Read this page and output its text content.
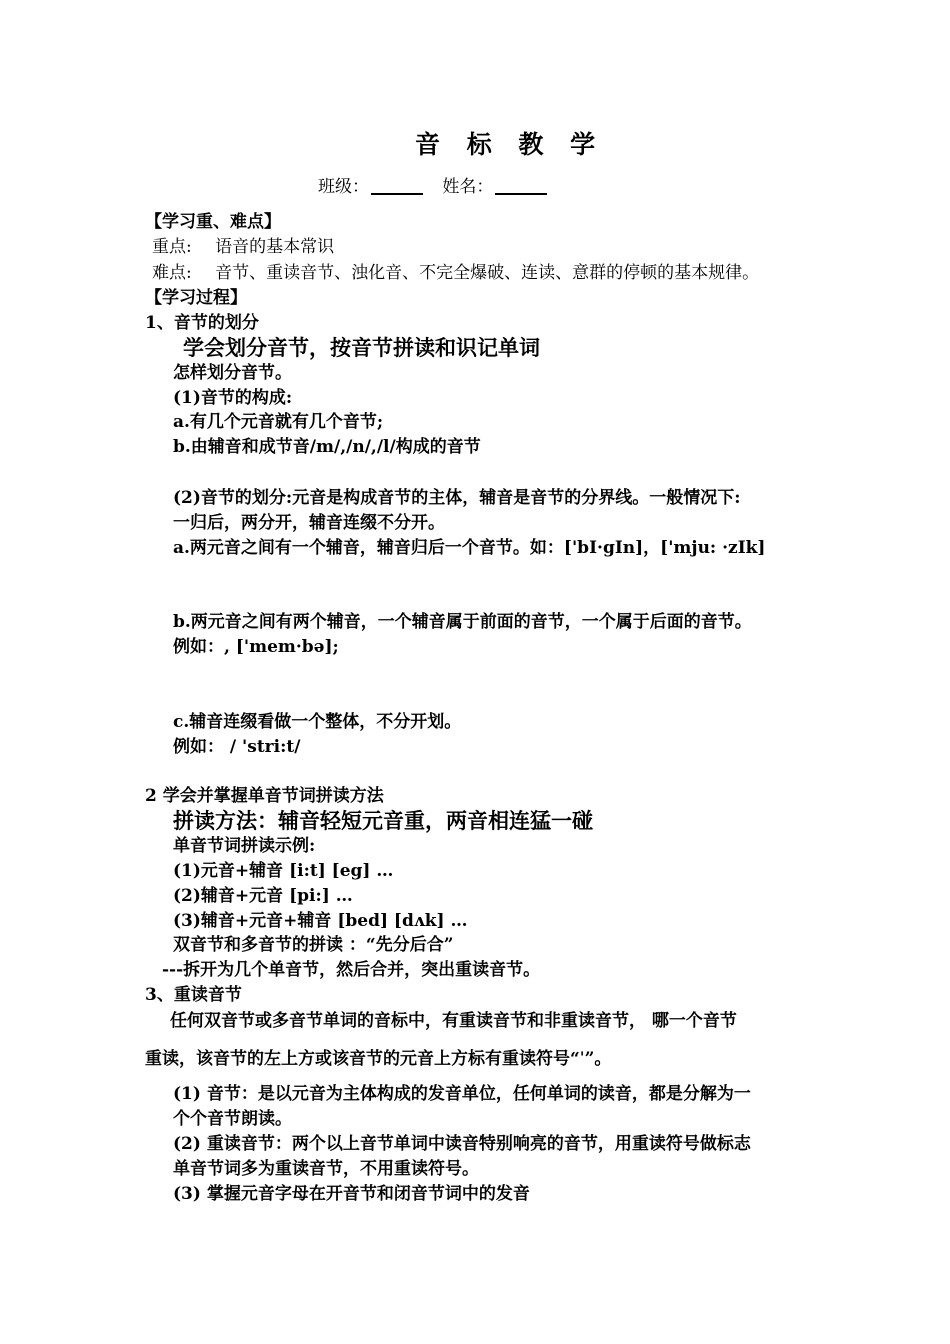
音 标 教 学
班级：	姓名：
【学习重、难点】
重点: 语音的基本常识
难点: 音节、重读音节、浊化音、不完全爆破、连读、意群的停顿的基本规律。
【学习过程】
1、音节的划分
学会划分音节，按音节拼读和识记单词
怎样划分音节。
(1)音节的构成:
a.有几个元音就有几个音节;
b.由辅音和成节音/m/,/n/,/l/构成的音节
(2)音节的划分:元音是构成音节的主体，辅音是音节的分界线。一般情况下:
一归后，两分开，辅音连缀不分开。
a.两元音之间有一个辅音，辅音归后一个音节。如：['bI·gIn]，['mju: ·zIk]
b.两元音之间有两个辅音，一个辅音属于前面的音节，一个属于后面的音节。
例如：, ['mem·bə];
c.辅音连缀看做一个整体，不分开划。
例如： / 'stri:t/
2 学会并掌握单音节词拼读方法
拼读方法：辅音轻短元音重，两音相连猛一碰
单音节词拼读示例:
(1)元音+辅音 [i:t] [eg] …
(2)辅音+元音 [pi:] …
(3)辅音+元音+辅音 [bed] [dʌk] …
双音节和多音节的拼读 ：“先分后合”
---拆开为几个单音节，然后合并，突出重读音节。
3、重读音节
任何双音节或多音节单词的音标中，有重读音节和非重读音节， 哪一个音节
重读，该音节的左上方或该音节的元音上方标有重读符号“ˈ”。
(1) 音节：是以元音为主体构成的发音单位，任何单词的读音，都是分解为一
个个音节朗读。
(2) 重读音节：两个以上音节单词中读音特别响亮的音节，用重读符号做标志
单音节词多为重读音节，不用重读符号。
(3) 掌握元音字母在开音节和闭音节词中的发音
